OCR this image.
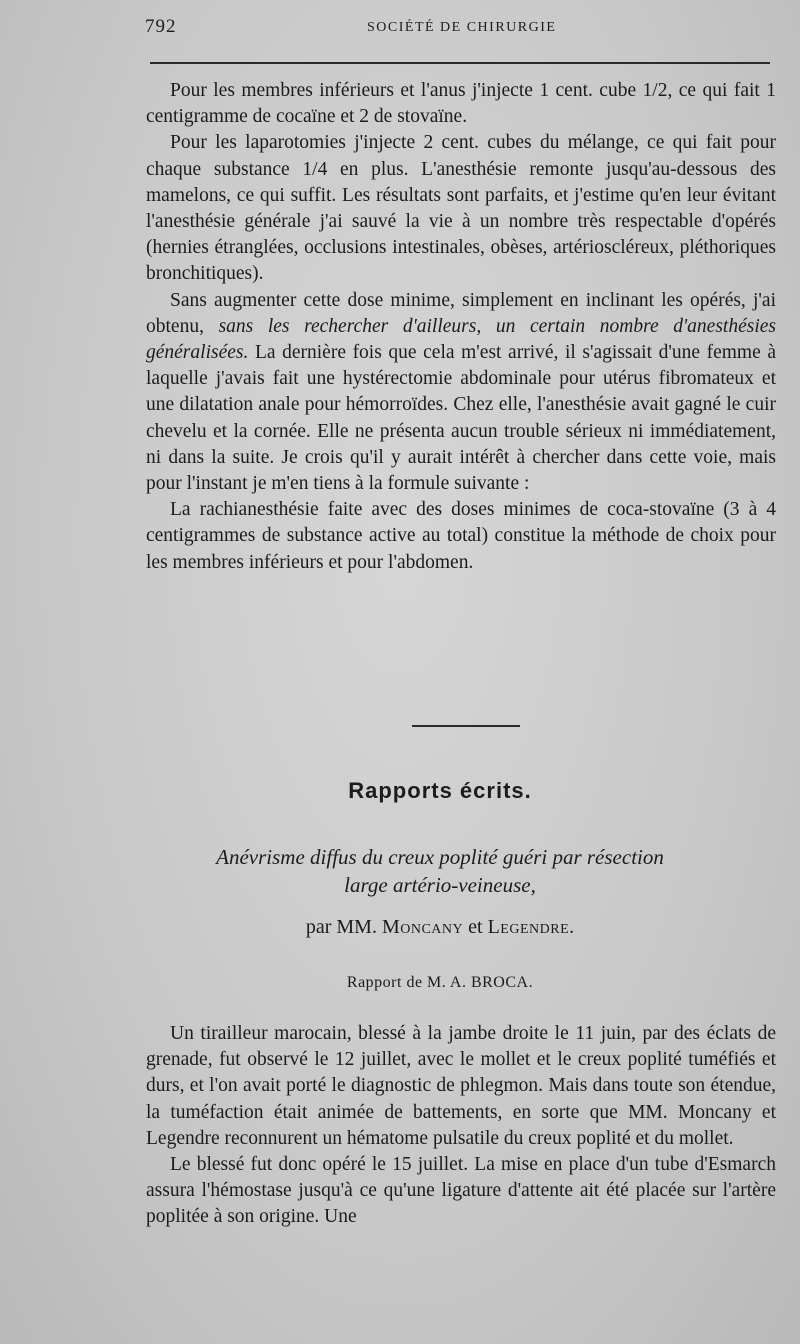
792	SOCIÉTÉ DE CHIRURGIE

Pour les membres inférieurs et l'anus j'injecte 1 cent. cube 1/2, ce qui fait 1 centigramme de cocaïne et 2 de stovaïne.

Pour les laparotomies j'injecte 2 cent. cubes du mélange, ce qui fait pour chaque substance 1/4 en plus. L'anesthésie remonte jusqu'au-dessous des mamelons, ce qui suffit. Les résultats sont parfaits, et j'estime qu'en leur évitant l'anesthésie générale j'ai sauvé la vie à un nombre très respectable d'opérés (hernies étranglées, occlusions intestinales, obèses, artérioscléreux, pléthoriques bronchitiques).

Sans augmenter cette dose minime, simplement en inclinant les opérés, j'ai obtenu, sans les rechercher d'ailleurs, un certain nombre d'anesthésies généralisées. La dernière fois que cela m'est arrivé, il s'agissait d'une femme à laquelle j'avais fait une hystérectomie abdominale pour utérus fibromateux et une dilatation anale pour hémorroïdes. Chez elle, l'anesthésie avait gagné le cuir chevelu et la cornée. Elle ne présenta aucun trouble sérieux ni immédiatement, ni dans la suite. Je crois qu'il y aurait intérêt à chercher dans cette voie, mais pour l'instant je m'en tiens à la formule suivante :

La rachianesthésie faite avec des doses minimes de coca-stovaïne (3 à 4 centigrammes de substance active au total) constitue la méthode de choix pour les membres inférieurs et pour l'abdomen.

Rapports écrits.
Anévrisme diffus du creux poplité guéri par résection
large artério-veineuse,
par MM. Moncany et Legendre.
Rapport de M. A. BROCA.

Un tirailleur marocain, blessé à la jambe droite le 11 juin, par des éclats de grenade, fut observé le 12 juillet, avec le mollet et le creux poplité tuméfiés et durs, et l'on avait porté le diagnostic de phlegmon. Mais dans toute son étendue, la tuméfaction était animée de battements, en sorte que MM. Moncany et Legendre reconnurent un hématome pulsatile du creux poplité et du mollet.

Le blessé fut donc opéré le 15 juillet. La mise en place d'un tube d'Esmarch assura l'hémostase jusqu'à ce qu'une ligature d'attente ait été placée sur l'artère poplitée à son origine. Une
